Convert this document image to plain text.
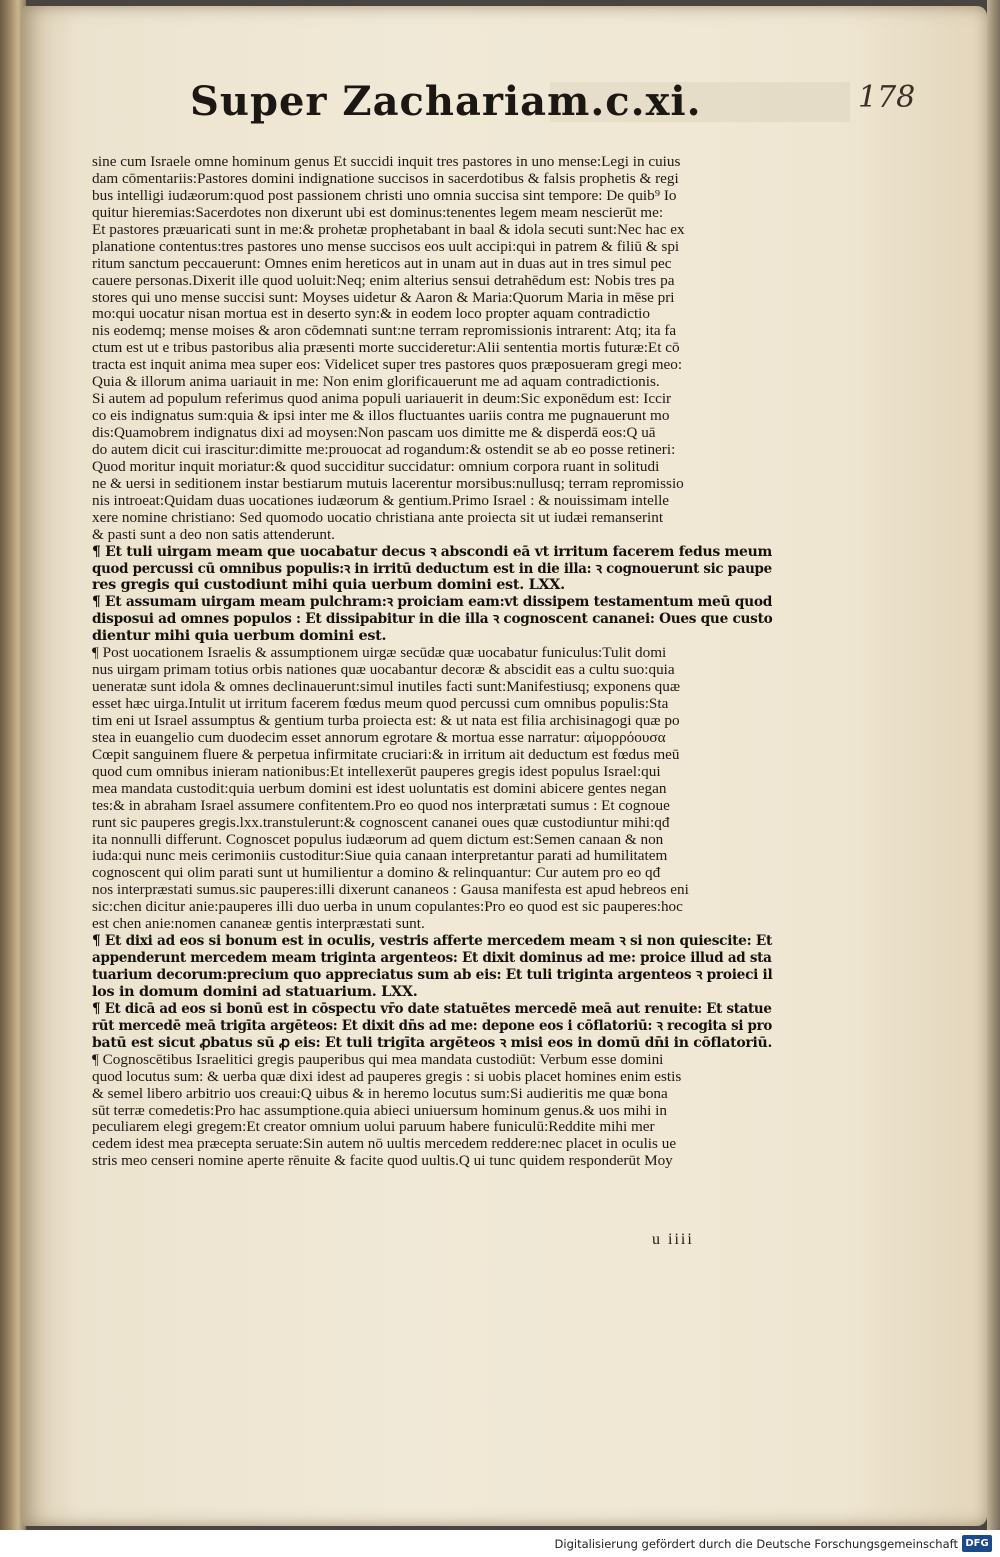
Super Zachariam.c.xi.	178
sine cum Israele omne hominum genus Et succidi inquit tres pastores in uno mense:Legi in cuius
dam cōmentariis:Pastores domini indignatione succisos in sacerdotibus & falsis prophetis & regi
bus intelligi iudæorum:quod post passionem christi uno omnia succisa sint tempore: De quib⁹ Io
quitur hieremias:Sacerdotes non dixerunt ubi est dominus:tenentes legem meam nescierūt me:
Et pastores præuaricati sunt in me:& prohetæ prophetabant in baal & idola secuti sunt:Nec hac ex
planatione contentus:tres pastores uno mense succisos eos uult accipi:qui in patrem & filiū & spi
ritum sanctum peccauerunt: Omnes enim hereticos aut in unam aut in duas aut in tres simul pec
cauere personas.Dixerit ille quod uoluit:Neq; enim alterius sensui detrahēdum est: Nobis tres pa
stores qui uno mense succisi sunt: Moyses uidetur & Aaron & Maria:Quorum Maria in mēse pri
mo:qui uocatur nisan mortua est in deserto syn:& in eodem loco propter aquam contradictio
nis eodemq; mense moises & aron cōdemnati sunt:ne terram repromissionis intrarent: Atq; ita fa
ctum est ut e tribus pastoribus alia præsenti morte succideretur:Alii sententia mortis futuræ:Et cō
tracta est inquit anima mea super eos: Videlicet super tres pastores quos præposueram gregi meo:
Quia & illorum anima uariauit in me: Non enim glorificauerunt me ad aquam contradictionis.
Si autem ad populum referimus quod anima populi uariauerit in deum:Sic exponēdum est: Iccir
co eis indignatus sum:quia & ipsi inter me & illos fluctuantes uariis contra me pugnauerunt mo
dis:Quamobrem indignatus dixi ad moysen:Non pascam uos dimitte me & disperdā eos:Q uā
do autem dicit cui irascitur:dimitte me:prouocat ad rogandum:& ostendit se ab eo posse retineri:
Quod moritur inquit moriatur:& quod succiditur succidatur: omnium corpora ruant in solitudi
ne & uersi in seditionem instar bestiarum mutuis lacerentur morsibus:nullusq; terram repromissio
nis introeat:Quidam duas uocationes iudæorum & gentium.Primo Israel : & nouissimam intelle
xere nomine christiano: Sed quomodo uocatio christiana ante proiecta sit ut iudæi remanserint
& pasti sunt a deo non satis attenderunt.
¶ Et tuli uirgam meam que uocabatur decus ꝛ abscondi eā vt irritum facerem fedus meum
quod percussi cū omnibus populis:ꝛ in irritū deductum est in die illa: ꝛ cognouerunt sic paupe
res gregis qui custodiunt mihi quia uerbum domini est. LXX.
¶ Et assumam uirgam meam pulchram:ꝛ proiciam eam:vt dissipem testamentum meū quod
disposui ad omnes populos : Et dissipabitur in die illa ꝛ cognoscent cananei: Oues que custo
dientur mihi quia uerbum domini est.
¶ Post uocationem Israelis & assumptionem uirgæ secūdæ quæ uocabatur funiculus:Tulit domi
nus uirgam primam totius orbis nationes quæ uocabantur decoræ & abscidit eas a cultu suo:quia
ueneratæ sunt idola & omnes declinauerunt:simul inutiles facti sunt:Manifestiusq; exponens quæ
esset hæc uirga.Intulit ut irritum facerem fœdus meum quod percussi cum omnibus populis:Sta
tim eni ut Israel assumptus & gentium turba proiecta est: & ut nata est filia archisinagogi quæ po
stea in euangelio cum duodecim esset annorum egrotare & mortua esse narratur: αἱμορρόουσα
Cœpit sanguinem fluere & perpetua infirmitate cruciari:& in irritum ait deductum est fœdus meū
quod cum omnibus inieram nationibus:Et intellexerūt pauperes gregis idest populus Israel:qui
mea mandata custodit:quia uerbum domini est idest uoluntatis est domini abicere gentes negan
tes:& in abraham Israel assumere confitentem.Pro eo quod nos interprætati sumus : Et cognoue
runt sic pauperes gregis.lxx.transtulerunt:& cognoscent cananei oues quæ custodiuntur mihi:qđ
ita nonnulli differunt. Cognoscet populus iudæorum ad quem dictum est:Semen canaan & non
iuda:qui nunc meis cerimoniis custoditur:Siue quia canaan interpretantur parati ad humilitatem
cognoscent qui olim parati sunt ut humilientur a domino & relinquantur: Cur autem pro eo qđ
nos interpræstati sumus.sic pauperes:illi dixerunt cananeos : Gausa manifesta est apud hebreos eni
sic:chen dicitur anie:pauperes illi duo uerba in unum copulantes:Pro eo quod est sic pauperes:hoc
est chen anie:nomen cananeæ gentis interpræstati sunt.
¶ Et dixi ad eos si bonum est in oculis, vestris afferte mercedem meam ꝛ si non quiescite: Et
appenderunt mercedem meam triginta argenteos: Et dixit dominus ad me: proice illud ad sta
tuarium decorum:precium quo appreciatus sum ab eis: Et tuli triginta argenteos ꝛ proieci il
los in domum domini ad statuarium. LXX.
¶ Et dicā ad eos si bonū est in cōspectu vr̄o date statuētes mercedē meā aut renuite: Et statue
rūt mercedē meā trigīta argēteos: Et dixit dn̄s ad me: depone eos i cōflatoriū: ꝛ recogita si pro
batū est sicut ꝓbatus sū ꝓ eis: Et tuli trigīta argēteos ꝛ misi eos in domū dn̄i in cōflatoriū.
¶ Cognoscētibus Israelitici gregis pauperibus qui mea mandata custodiūt: Verbum esse domini
quod locutus sum: & uerba quæ dixi idest ad pauperes gregis : si uobis placet homines enim estis
& semel libero arbitrio uos creaui:Q uibus & in heremo locutus sum:Si audieritis me quæ bona
sūt terræ comedetis:Pro hac assumptione.quia abieci uniuersum hominum genus.& uos mihi in
peculiarem elegi gregem:Et creator omnium uolui paruum habere funiculū:Reddite mihi mer
cedem idest mea præcepta seruate:Sin autem nō uultis mercedem reddere:nec placet in oculis ue
stris meo censeri nomine aperte rēnuite & facite quod uultis.Q ui tunc quidem responderūt Moy
u iiii
Digitalisierung gefördert durch die Deutsche Forschungsgemeinschaft DFG
